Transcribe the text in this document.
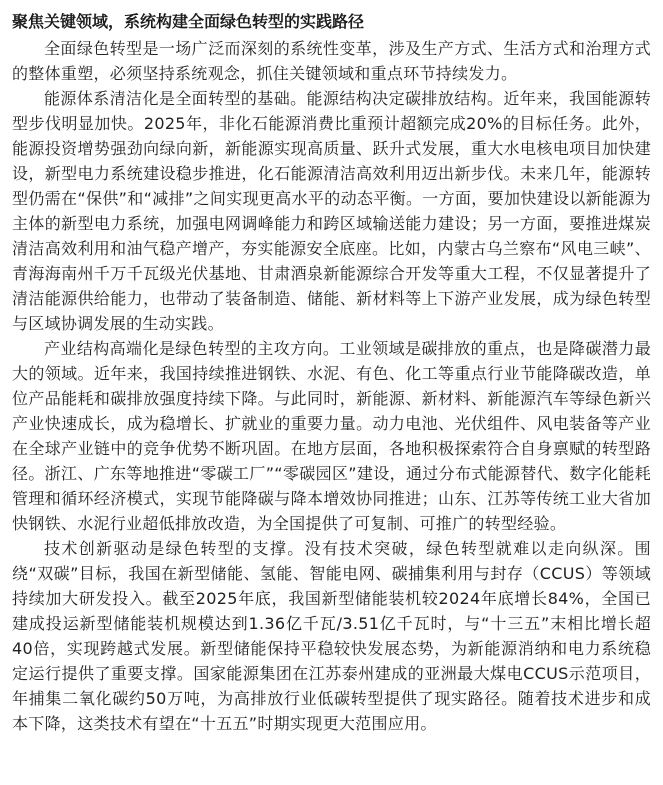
聚焦关键领域，系统构建全面绿色转型的实践路径

全面绿色转型是一场广泛而深刻的系统性变革，涉及生产方式、生活方式和治理方式的整体重塑，必须坚持系统观念，抓住关键领域和重点环节持续发力。

能源体系清洁化是全面转型的基础。能源结构决定碳排放结构。近年来，我国能源转型步伐明显加快。2025年，非化石能源消费比重预计超额完成20%的目标任务。此外，能源投资增势强劲向绿向新，新能源实现高质量、跃升式发展，重大水电核电项目加快建设，新型电力系统建设稳步推进，化石能源清洁高效利用迈出新步伐。未来几年，能源转型仍需在“保供”和“减排”之间实现更高水平的动态平衡。一方面，要加快建设以新能源为主体的新型电力系统，加强电网调峰能力和跨区域输送能力建设；另一方面，要推进煤炭清洁高效利用和油气稳产增产，夯实能源安全底座。比如，内蒙古乌兰察布“风电三峡”、青海海南州千万千瓦级光伏基地、甘肃酒泉新能源综合开发等重大工程，不仅显著提升了清洁能源供给能力，也带动了装备制造、储能、新材料等上下游产业发展，成为绿色转型与区域协调发展的生动实践。

产业结构高端化是绿色转型的主攻方向。工业领域是碳排放的重点，也是降碳潜力最大的领域。近年来，我国持续推进钢铁、水泥、有色、化工等重点行业节能降碳改造，单位产品能耗和碳排放强度持续下降。与此同时，新能源、新材料、新能源汽车等绿色新兴产业快速成长，成为稳增长、扩就业的重要力量。动力电池、光伏组件、风电装备等产业在全球产业链中的竞争优势不断巩固。在地方层面，各地积极探索符合自身禀赋的转型路径。浙江、广东等地推进“零碳工厂”“零碳园区”建设，通过分布式能源替代、数字化能耗管理和循环经济模式，实现节能降碳与降本增效协同推进；山东、江苏等传统工业大省加快钢铁、水泥行业超低排放改造，为全国提供了可复制、可推广的转型经验。

技术创新驱动是绿色转型的支撑。没有技术突破，绿色转型就难以走向纵深。围绕“双碳”目标，我国在新型储能、氢能、智能电网、碳捕集利用与封存（CCUS）等领域持续加大研发投入。截至2025年底，我国新型储能装机较2024年底增长84%，全国已建成投运新型储能装机规模达到1.36亿千瓦/3.51亿千瓦时，与“十三五”末相比增长超40倍，实现跨越式发展。新型储能保持平稳较快发展态势，为新能源消纳和电力系统稳定运行提供了重要支撑。国家能源集团在江苏泰州建成的亚洲最大煤电CCUS示范项目，年捕集二氧化碳约50万吨，为高排放行业低碳转型提供了现实路径。随着技术进步和成本下降，这类技术有望在“十五五”时期实现更大范围应用。
